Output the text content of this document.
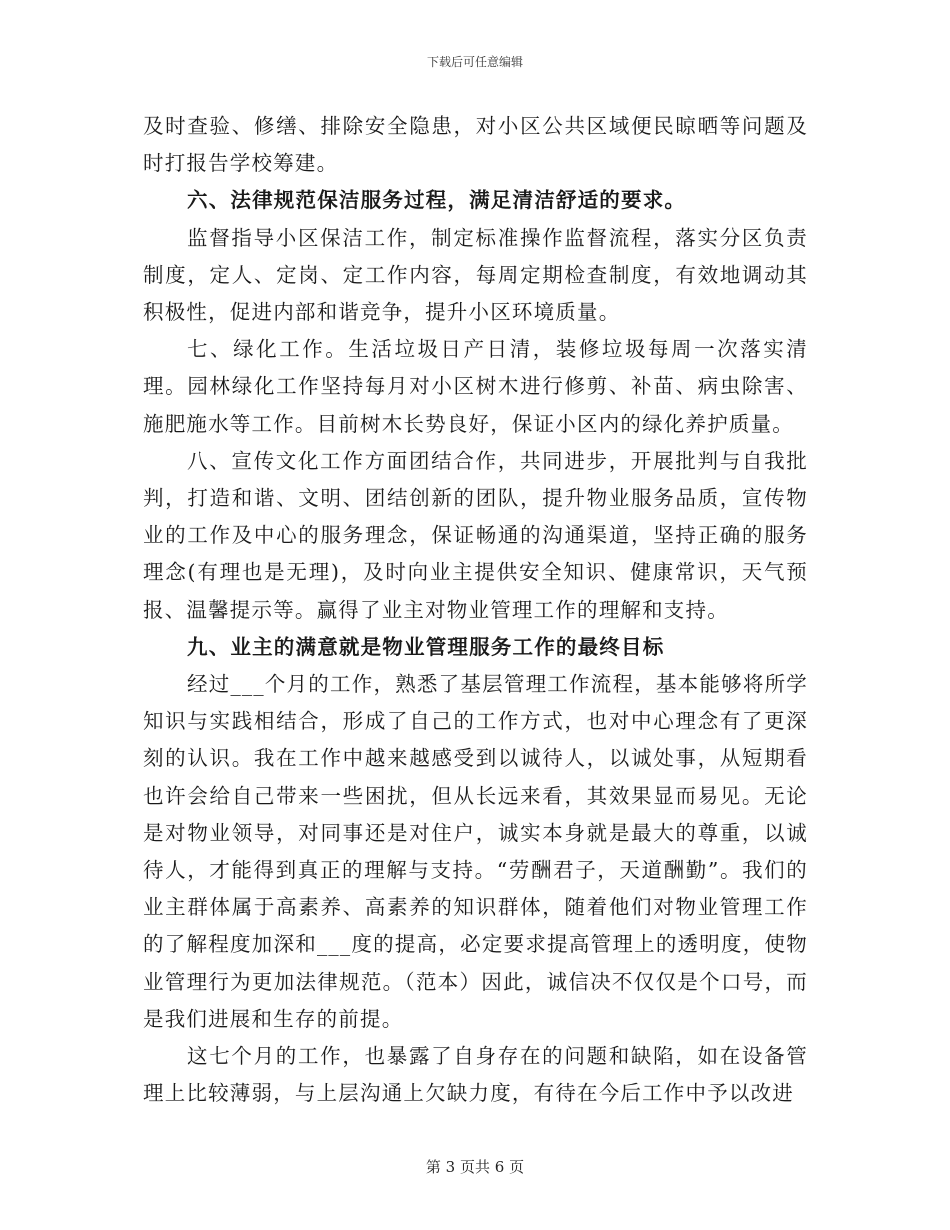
下载后可任意编辑

及时查验、修缮、排除安全隐患，对小区公共区域便民晾晒等问题及时打报告学校筹建。

六、法律规范保洁服务过程，满足清洁舒适的要求。

监督指导小区保洁工作，制定标准操作监督流程，落实分区负责制度，定人、定岗、定工作内容，每周定期检查制度，有效地调动其积极性，促进内部和谐竞争，提升小区环境质量。

七、绿化工作。生活垃圾日产日清，装修垃圾每周一次落实清理。园林绿化工作坚持每月对小区树木进行修剪、补苗、病虫除害、施肥施水等工作。目前树木长势良好，保证小区内的绿化养护质量。

八、宣传文化工作方面团结合作，共同进步，开展批判与自我批判，打造和谐、文明、团结创新的团队，提升物业服务品质，宣传物业的工作及中心的服务理念，保证畅通的沟通渠道，坚持正确的服务理念(有理也是无理)，及时向业主提供安全知识、健康常识，天气预报、温馨提示等。赢得了业主对物业管理工作的理解和支持。

九、业主的满意就是物业管理服务工作的最终目标

经过___个月的工作，熟悉了基层管理工作流程，基本能够将所学知识与实践相结合，形成了自己的工作方式，也对中心理念有了更深刻的认识。我在工作中越来越感受到以诚待人，以诚处事，从短期看也许会给自己带来一些困扰，但从长远来看，其效果显而易见。无论是对物业领导，对同事还是对住户，诚实本身就是最大的尊重，以诚待人，才能得到真正的理解与支持。“劳酬君子，天道酬勤”。我们的业主群体属于高素养、高素养的知识群体，随着他们对物业管理工作的了解程度加深和___度的提高，必定要求提高管理上的透明度，使物业管理行为更加法律规范。（范本）因此，诚信决不仅仅是个口号，而是我们进展和生存的前提。

这七个月的工作，也暴露了自身存在的问题和缺陷，如在设备管理上比较薄弱，与上层沟通上欠缺力度，有待在今后工作中予以改进

第 3 页共 6 页
